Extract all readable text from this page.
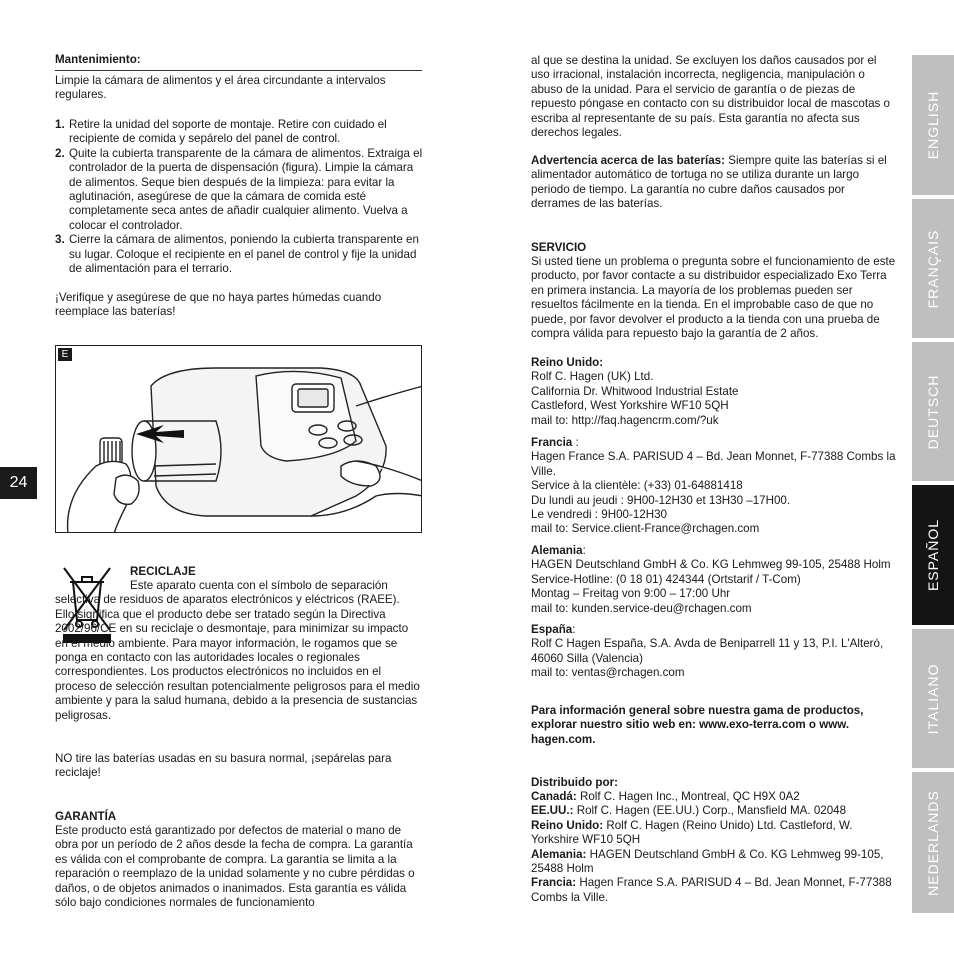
24
ENGLISH
FRANÇAIS
DEUTSCH
ESPAÑOL
ITALIANO
NEDERLANDS
Mantenimiento:
Limpie la cámara de alimentos y el área circundante a intervalos regulares.
1. Retire la unidad del soporte de montaje. Retire con cuidado el recipiente de comida y sepárelo del panel de control.
2. Quite la cubierta transparente de la cámara de alimentos. Extraiga el controlador de la puerta de dispensación (figura). Limpie la cámara de alimentos. Seque bien después de la limpieza: para evitar la aglutinación, asegúrese de que la cámara de comida esté completamente seca antes de añadir cualquier alimento. Vuelva a colocar el controlador.
3. Cierre la cámara de alimentos, poniendo la cubierta transparente en su lugar. Coloque el recipiente en el panel de control y fije la unidad de alimentación para el terrario.
¡Verifique y asegúrese de que no haya partes húmedas cuando reemplace las baterías!
E
RECICLAJE
Este aparato cuenta con el símbolo de separación selectiva de residuos de aparatos electrónicos y eléctricos (RAEE). Ello significa que el producto debe ser tratado según la Directiva 2002/96/CE en su reciclaje o desmontaje, para minimizar su impacto en el medio ambiente. Para mayor información, le rogamos que se ponga en contacto con las autoridades locales o regionales correspondientes. Los productos electrónicos no incluidos en el proceso de selección resultan potencialmente peligrosos para el medio ambiente y para la salud humana, debido a la presencia de sustancias peligrosas.
NO tire las baterías usadas en su basura normal, ¡sepárelas para reciclaje!
GARANTÍA
Este producto está garantizado por defectos de material o mano de obra por un período de 2 años desde la fecha de compra. La garantía es válida con el comprobante de compra. La garantía se limita a la reparación o reemplazo de la unidad solamente y no cubre pérdidas o daños, o de objetos animados o inanimados. Esta garantía es válida sólo bajo condiciones normales de funcionamiento
al que se destina la unidad. Se excluyen los daños causados por el uso irracional, instalación incorrecta, negligencia, manipulación o abuso de la unidad. Para el servicio de garantía o de piezas de repuesto póngase en contacto con su distribuidor local de mascotas o escriba al representante de su país. Esta garantía no afecta sus derechos legales.
Advertencia acerca de las baterías: Siempre quite las baterías si el alimentador automático de tortuga no se utiliza durante un largo periodo de tiempo. La garantía no cubre daños causados por derrames de las baterías.
SERVICIO
Si usted tiene un problema o pregunta sobre el funcionamiento de este producto, por favor contacte a su distribuidor especializado Exo Terra en primera instancia. La mayoría de los problemas pueden ser resueltos fácilmente en la tienda. En el improbable caso de que no puede, por favor devolver el producto a la tienda con una prueba de compra válida para repuesto bajo la garantía de 2 años.
Reino Unido:
Rolf C. Hagen (UK) Ltd.
California Dr. Whitwood Industrial Estate
Castleford, West Yorkshire WF10 5QH
mail to: http://faq.hagencrm.com/?uk
Francia :
Hagen France S.A. PARISUD 4 – Bd. Jean Monnet, F-77388 Combs la Ville.
Service à la clientèle: (+33) 01-64881418
Du lundi au jeudi : 9H00-12H30 et 13H30 –17H00.
Le vendredi : 9H00-12H30
mail to: Service.client-France@rchagen.com
Alemania:
HAGEN Deutschland GmbH & Co. KG Lehmweg 99-105, 25488 Holm
Service-Hotline: (0 18 01) 424344 (Ortstarif / T-Com)
Montag – Freitag von 9:00 – 17:00 Uhr
mail to: kunden.service-deu@rchagen.com
España:
Rolf C Hagen España, S.A. Avda de Beniparrell 11 y 13, P.I. L'Alteró, 46060 Silla (Valencia)
mail to: ventas@rchagen.com
Para información general sobre nuestra gama de productos, explorar nuestro sitio web en: www.exo-terra.com o www. hagen.com.
Distribuido por:
Canadá: Rolf C. Hagen Inc., Montreal, QC H9X 0A2
EE.UU.: Rolf C. Hagen (EE.UU.) Corp., Mansfield MA. 02048
Reino Unido: Rolf C. Hagen (Reino Unido) Ltd. Castleford, W. Yorkshire WF10 5QH
Alemania: HAGEN Deutschland GmbH & Co. KG Lehmweg 99-105, 25488 Holm
Francia: Hagen France S.A. PARISUD 4 – Bd. Jean Monnet, F-77388 Combs la Ville.
